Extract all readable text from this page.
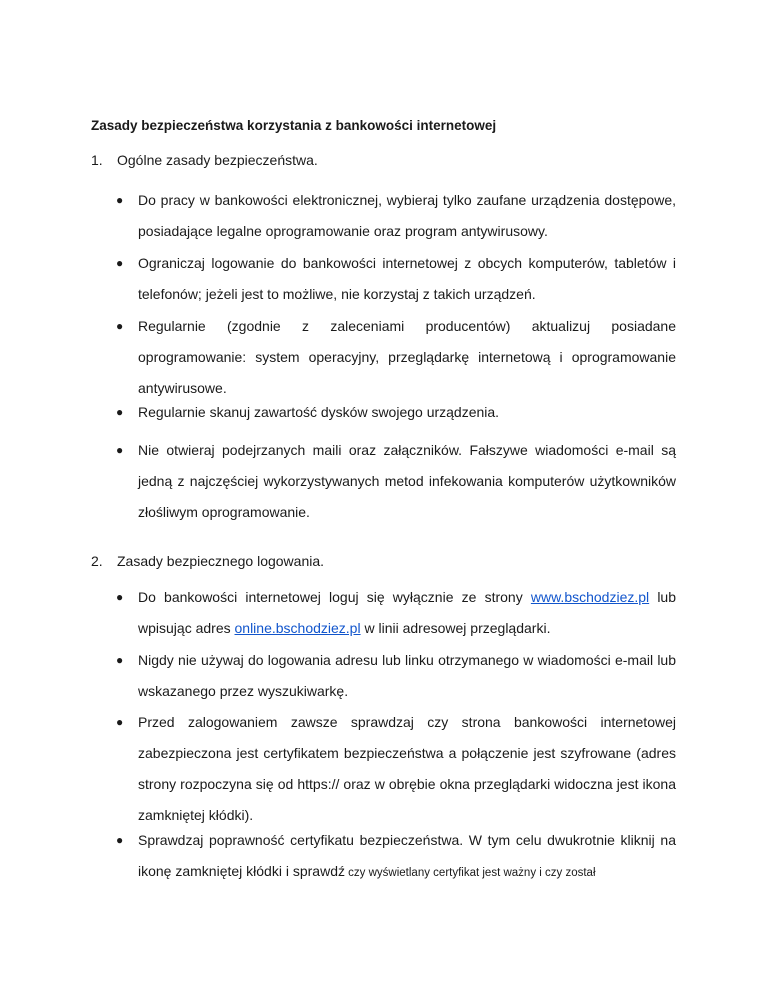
Zasady bezpieczeństwa korzystania z bankowości internetowej
1. Ogólne zasady bezpieczeństwa.
● Do pracy w bankowości elektronicznej, wybieraj tylko zaufane urządzenia dostępowe, posiadające legalne oprogramowanie oraz program antywirusowy.
● Ograniczaj logowanie do bankowości internetowej z obcych komputerów, tabletów i telefonów; jeżeli jest to możliwe, nie korzystaj z takich urządzeń.
● Regularnie (zgodnie z zaleceniami producentów) aktualizuj posiadane oprogramowanie: system operacyjny, przeglądarkę internetową i oprogramowanie antywirusowe.
● Regularnie skanuj zawartość dysków swojego urządzenia.
● Nie otwieraj podejrzanych maili oraz załączników. Fałszywe wiadomości e-mail są jedną z najczęściej wykorzystywanych metod infekowania komputerów użytkowników złośliwym oprogramowanie.
2. Zasady bezpiecznego logowania.
● Do bankowości internetowej loguj się wyłącznie ze strony www.bschodziez.pl lub wpisując adres online.bschodziez.pl w linii adresowej przeglądarki.
● Nigdy nie używaj do logowania adresu lub linku otrzymanego w wiadomości e-mail lub wskazanego przez wyszukiwarkę.
● Przed zalogowaniem zawsze sprawdzaj czy strona bankowości internetowej zabezpieczona jest certyfikatem bezpieczeństwa a połączenie jest szyfrowane (adres strony rozpoczyna się od https:// oraz w obrębie okna przeglądarki widoczna jest ikona zamkniętej kłódki).
● Sprawdzaj poprawność certyfikatu bezpieczeństwa. W tym celu dwukrotnie kliknij na ikonę zamkniętej kłódki i sprawdź czy wyświetlany certyfikat jest ważny i czy został
